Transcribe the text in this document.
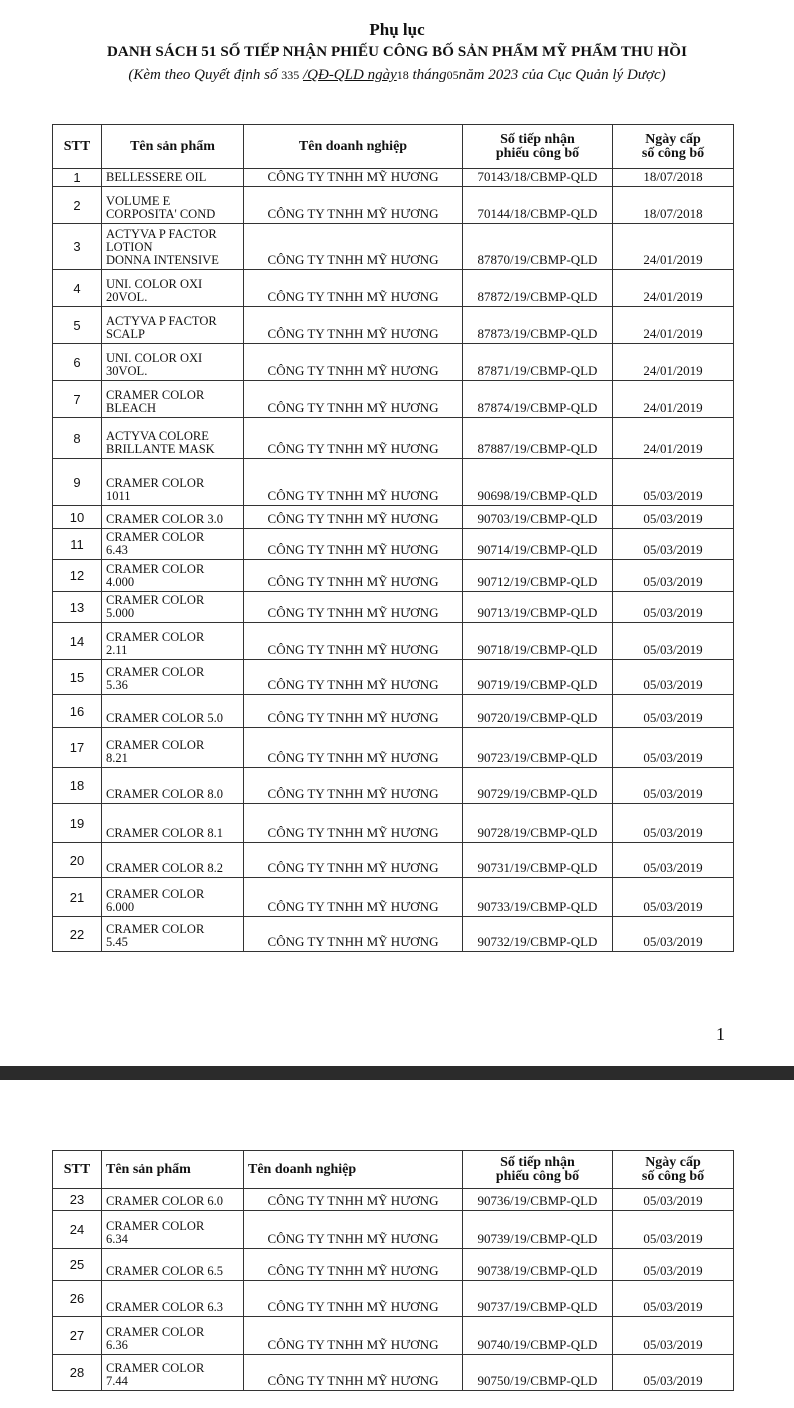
Phụ lục
DANH SÁCH 51 SỐ TIẾP NHẬN PHIẾU CÔNG BỐ SẢN PHẨM MỸ PHẨM THU HỒI
(Kèm theo Quyết định số 335 /QĐ-QLD ngày18 tháng05năm 2023 của Cục Quản lý Dược)
STT	Tên sản phẩm	Tên doanh nghiệp	Số tiếp nhận
phiếu công bố	Ngày cấp
số công bố
1	BELLESSERE OIL	CÔNG TY TNHH MỸ HƯƠNG	70143/18/CBMP-QLD	18/07/2018
2	VOLUME E
CORPOSITA' COND	CÔNG TY TNHH MỸ HƯƠNG	70144/18/CBMP-QLD	18/07/2018
3	ACTYVA P FACTOR
LOTION
DONNA INTENSIVE	CÔNG TY TNHH MỸ HƯƠNG	87870/19/CBMP-QLD	24/01/2019
4	UNI. COLOR OXI
20VOL.	CÔNG TY TNHH MỸ HƯƠNG	87872/19/CBMP-QLD	24/01/2019
5	ACTYVA P FACTOR
SCALP	CÔNG TY TNHH MỸ HƯƠNG	87873/19/CBMP-QLD	24/01/2019
6	UNI. COLOR OXI
30VOL.	CÔNG TY TNHH MỸ HƯƠNG	87871/19/CBMP-QLD	24/01/2019
7	CRAMER COLOR
BLEACH	CÔNG TY TNHH MỸ HƯƠNG	87874/19/CBMP-QLD	24/01/2019
8	ACTYVA COLORE
BRILLANTE MASK	CÔNG TY TNHH MỸ HƯƠNG	87887/19/CBMP-QLD	24/01/2019
9	CRAMER COLOR
1011	CÔNG TY TNHH MỸ HƯƠNG	90698/19/CBMP-QLD	05/03/2019
10	CRAMER COLOR 3.0	CÔNG TY TNHH MỸ HƯƠNG	90703/19/CBMP-QLD	05/03/2019
11	CRAMER COLOR
6.43	CÔNG TY TNHH MỸ HƯƠNG	90714/19/CBMP-QLD	05/03/2019
12	CRAMER COLOR
4.000	CÔNG TY TNHH MỸ HƯƠNG	90712/19/CBMP-QLD	05/03/2019
13	CRAMER COLOR
5.000	CÔNG TY TNHH MỸ HƯƠNG	90713/19/CBMP-QLD	05/03/2019
14	CRAMER COLOR
2.11	CÔNG TY TNHH MỸ HƯƠNG	90718/19/CBMP-QLD	05/03/2019
15	CRAMER COLOR
5.36	CÔNG TY TNHH MỸ HƯƠNG	90719/19/CBMP-QLD	05/03/2019
16	CRAMER COLOR 5.0	CÔNG TY TNHH MỸ HƯƠNG	90720/19/CBMP-QLD	05/03/2019
17	CRAMER COLOR
8.21	CÔNG TY TNHH MỸ HƯƠNG	90723/19/CBMP-QLD	05/03/2019
18	CRAMER COLOR 8.0	CÔNG TY TNHH MỸ HƯƠNG	90729/19/CBMP-QLD	05/03/2019
19	CRAMER COLOR 8.1	CÔNG TY TNHH MỸ HƯƠNG	90728/19/CBMP-QLD	05/03/2019
20	CRAMER COLOR 8.2	CÔNG TY TNHH MỸ HƯƠNG	90731/19/CBMP-QLD	05/03/2019
21	CRAMER COLOR
6.000	CÔNG TY TNHH MỸ HƯƠNG	90733/19/CBMP-QLD	05/03/2019
22	CRAMER COLOR
5.45	CÔNG TY TNHH MỸ HƯƠNG	90732/19/CBMP-QLD	05/03/2019
1
STT	Tên sản phẩm	Tên doanh nghiệp	Số tiếp nhận
phiếu công bố	Ngày cấp
số công bố
23	CRAMER COLOR 6.0	CÔNG TY TNHH MỸ HƯƠNG	90736/19/CBMP-QLD	05/03/2019
24	CRAMER COLOR
6.34	CÔNG TY TNHH MỸ HƯƠNG	90739/19/CBMP-QLD	05/03/2019
25	CRAMER COLOR 6.5	CÔNG TY TNHH MỸ HƯƠNG	90738/19/CBMP-QLD	05/03/2019
26	CRAMER COLOR 6.3	CÔNG TY TNHH MỸ HƯƠNG	90737/19/CBMP-QLD	05/03/2019
27	CRAMER COLOR
6.36	CÔNG TY TNHH MỸ HƯƠNG	90740/19/CBMP-QLD	05/03/2019
28	CRAMER COLOR
7.44	CÔNG TY TNHH MỸ HƯƠNG	90750/19/CBMP-QLD	05/03/2019
